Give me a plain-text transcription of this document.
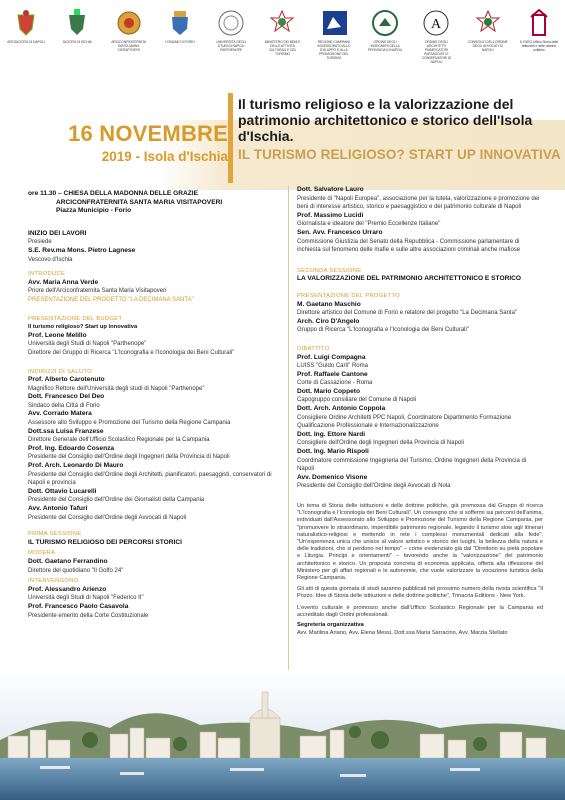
ARCIDIOCESI DI NAPOLI	DIOCESI DI ISCHIA	ARCICONFRATERNITA SANTA MARIA VISITAPOVERI
COMUNE DI FORIO	UNIVERSITÀ DEGLI STUDI DI NAPOLI PARTHENOPE
MINISTERO DEI BENI E DELLE ATTIVITÀ CULTURALI E DEL TURISMO
REGIONE CAMPANIA ASSESSORATO ALLO SVILUPPO E ALLA PROMOZIONE DEL TURISMO
ORDINE DEGLI INGEGNERI DELLA PROVINCIA DI NAPOLI
A
ORDINE DEGLI ARCHITETTI PIANIFICATORI PAESAGGISTI E CONSERVATORI DI NAPOLI
CONSIGLIO DELL'ORDINE DEGLI AVVOCATI DI NAPOLI
IL FARO Ufficio Storia delle istituzioni e delle dottrine politiche
16 NOVEMBRE
2019 - Isola d'Ischia
Il turismo religioso e la valorizzazione del patrimonio architettonico e storico dell'Isola d'Ischia.
IL TURISMO RELIGIOSO? START UP INNOVATIVA
ore 11.30 – CHIESA DELLA MADONNA DELLE GRAZIE
ARCICONFRATERNITA SANTA MARIA VISITAPOVERI
Piazza Municipio - Forio
INIZIO DEI LAVORI
Presiede
S.E. Rev.ma Mons. Pietro Lagnese
Vescovo d'Ischia
INTRODUCE
Avv. Maria Anna Verde
Priore dell'Arciconfraternita Santa Maria Visitapoveri
PRESENTAZIONE DEL PROGETTO "LA DECIMANA SANTA"
PRESENTAZIONE DEL BUDGET
Il turismo religioso? Start up innovativa
Prof. Leone Melillo
Università degli Studi di Napoli "Parthenope"
Direttore del Gruppo di Ricerca "L'Iconografia e l'Iconologia dei Beni Culturali"
INDIRIZZI DI SALUTO
Prof. Alberto Carotenuto
Magnifico Rettore dell'Università degli studi di Napoli "Parthenope"
Dott. Francesco Del Deo
Sindaco della Città di Forio
Avv. Corrado Matera
Assessore allo Sviluppo e Promozione del Turismo della Regione Campania
Dott.ssa Luisa Franzese
Direttore Generale dell'Ufficio Scolastico Regionale per la Campania
Prof. Ing. Edoardo Cosenza
Presidente del Consiglio dell'Ordine degli Ingegneri della Provincia di Napoli
Prof. Arch. Leonardo Di Mauro
Presidente del Consiglio dell'Ordine degli Architetti, pianificatori, paesaggisti, conservatori di Napoli e provincia
Dott. Ottavio Lucarelli
Presidente del Consiglio dell'Ordine dei Giornalisti della Campania
Avv. Antonio Tafuri
Presidente del Consiglio dell'Ordine degli Avvocati di Napoli
PRIMA SESSIONE
IL TURISMO RELIGIOSO DEI PERCORSI STORICI
MODERA
Dott. Gaetano Ferrandino
Direttore del quotidiano "Il Golfo 24"
INTERVENGONO
Prof. Alessandro Arienzo
Università degli Studi di Napoli "Federico II"
Prof. Francesco Paolo Casavola
Presidente emerito della Corte Costituzionale
Dott. Salvatore Lauro
Presidente di "Napoli Europea", associazione per la tutela, valorizzazione e promozione dei beni di interesse artistico, storico e paesaggistico e del patrimonio culturale di Napoli
Prof. Massimo Lucidi
Giornalista e ideatore del "Premio Eccellenze Italiane"
Sen. Avv. Francesco Urraro
Commissione Giustizia del Senato della Repubblica - Commissione parlamentare di inchiesta sul fenomeno delle mafie e sulle altre associazioni criminali anche mafiose
SECONDA SESSIONE
LA VALORIZZAZIONE DEL PATRIMONIO ARCHITETTONICO E STORICO
PRESENTAZIONE DEL PROGETTO
M. Gaetano Maschio
Direttore artistico del Comune di Forio e relatore del progetto "La Decimana Santa"
Arch. Ciro D'Angelo
Gruppo di Ricerca "L'Iconografia e l'Iconologia dei Beni Culturali"
DIBATTITO
Prof. Luigi Compagna
LUISS "Guido Carli" Roma
Prof. Raffaele Cantone
Corte di Cassazione - Roma
Dott. Mario Coppeto
Capogruppo consiliare del Comune di Napoli
Dott. Arch. Antonio Coppola
Consigliere Ordine Architetti PPC Napoli, Coordinatore Dipartimento Formazione Qualificazione Professionale e Internazionalizzazione
Dott. Ing. Ettore Nardi
Consigliere dell'Ordine degli Ingegneri della Provincia di Napoli
Dott. Ing. Mario Rispoli
Coordinatore commissione Ingegneria del Turismo, Ordine Ingegneri della Provincia di Napoli
Avv. Domenico Visone
Presidente del Consiglio dell'Ordine degli Avvocati di Nola
Un tema di Storia delle istituzioni e delle dottrine politiche, già promossa dal Gruppo di ricerca "L'Iconografia e l'Iconologia dei Beni Culturali". Un convegno che si soffermi sui percorsi dell'anima, individuati dall'Assessorato allo Sviluppo e Promozione del Turismo della Regione Campania, per "promuovere lo straordinario, imperdibile patrimonio regionale, legando il turismo slow agli itinerari naturalistico-religiosi e mettendo in rete i complessi monumentali dedicati alla fede". "Un'esperienza unica che unisce al valore artistico e storico dei luoghi, la bellezza della natura e delle tradizioni, che si perdono nel tempo" – come evidenziato già dal "Direttorio su pietà popolare e Liturgia. Principi e orientamenti" – favorendo anche la "valorizzazione" del patrimonio architettonico e storico. Un proposta concreta di economia applicata, offerta alla riflessione del Ministero per gli affari regionali e le autonomie, che vuole valorizzare la vocazione turistica della Regione Campania.
Gli atti di questa giornata di studi saranno pubblicati nel prossimo numero della rivista scientifica "Il Pozzo. Idee di Storia delle istituzioni e delle dottrine politiche", Trinacria Editions - New York.
L'evento culturale è promosso anche dall'Ufficio Scolastico Regionale per la Campania ed accreditato dagli Ordini professionali.
Segreteria organizzativa
Avv. Marilina Ariano, Avv. Elena Messi, Dott.ssa Maria Sarracino, Avv. Marzia Stellato
